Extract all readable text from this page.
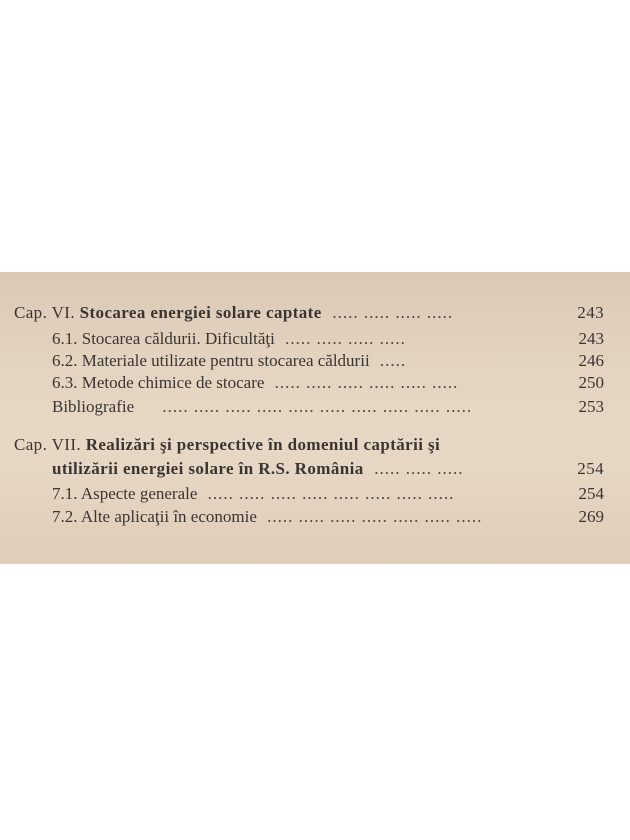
Cap. VI. Stocarea energiei solare captate ..... ..... ..... .....	243
6.1. Stocarea căldurii. Dificultăţi ..... ..... ..... .....	243
6.2. Materiale utilizate pentru stocarea căldurii .....	246
6.3. Metode chimice de stocare ..... ..... ..... ..... ..... .....	250
Bibliografie ..... ..... ..... ..... ..... ..... ..... ..... ..... .....	253
Cap. VII. Realizări şi perspective în domeniul captării şi
utilizării energiei solare în R.S. România ..... ..... .....	254
7.1. Aspecte generale ..... ..... ..... ..... ..... ..... ..... .....	254
7.2. Alte aplicaţii în economie ..... ..... ..... ..... ..... ..... .....	269
